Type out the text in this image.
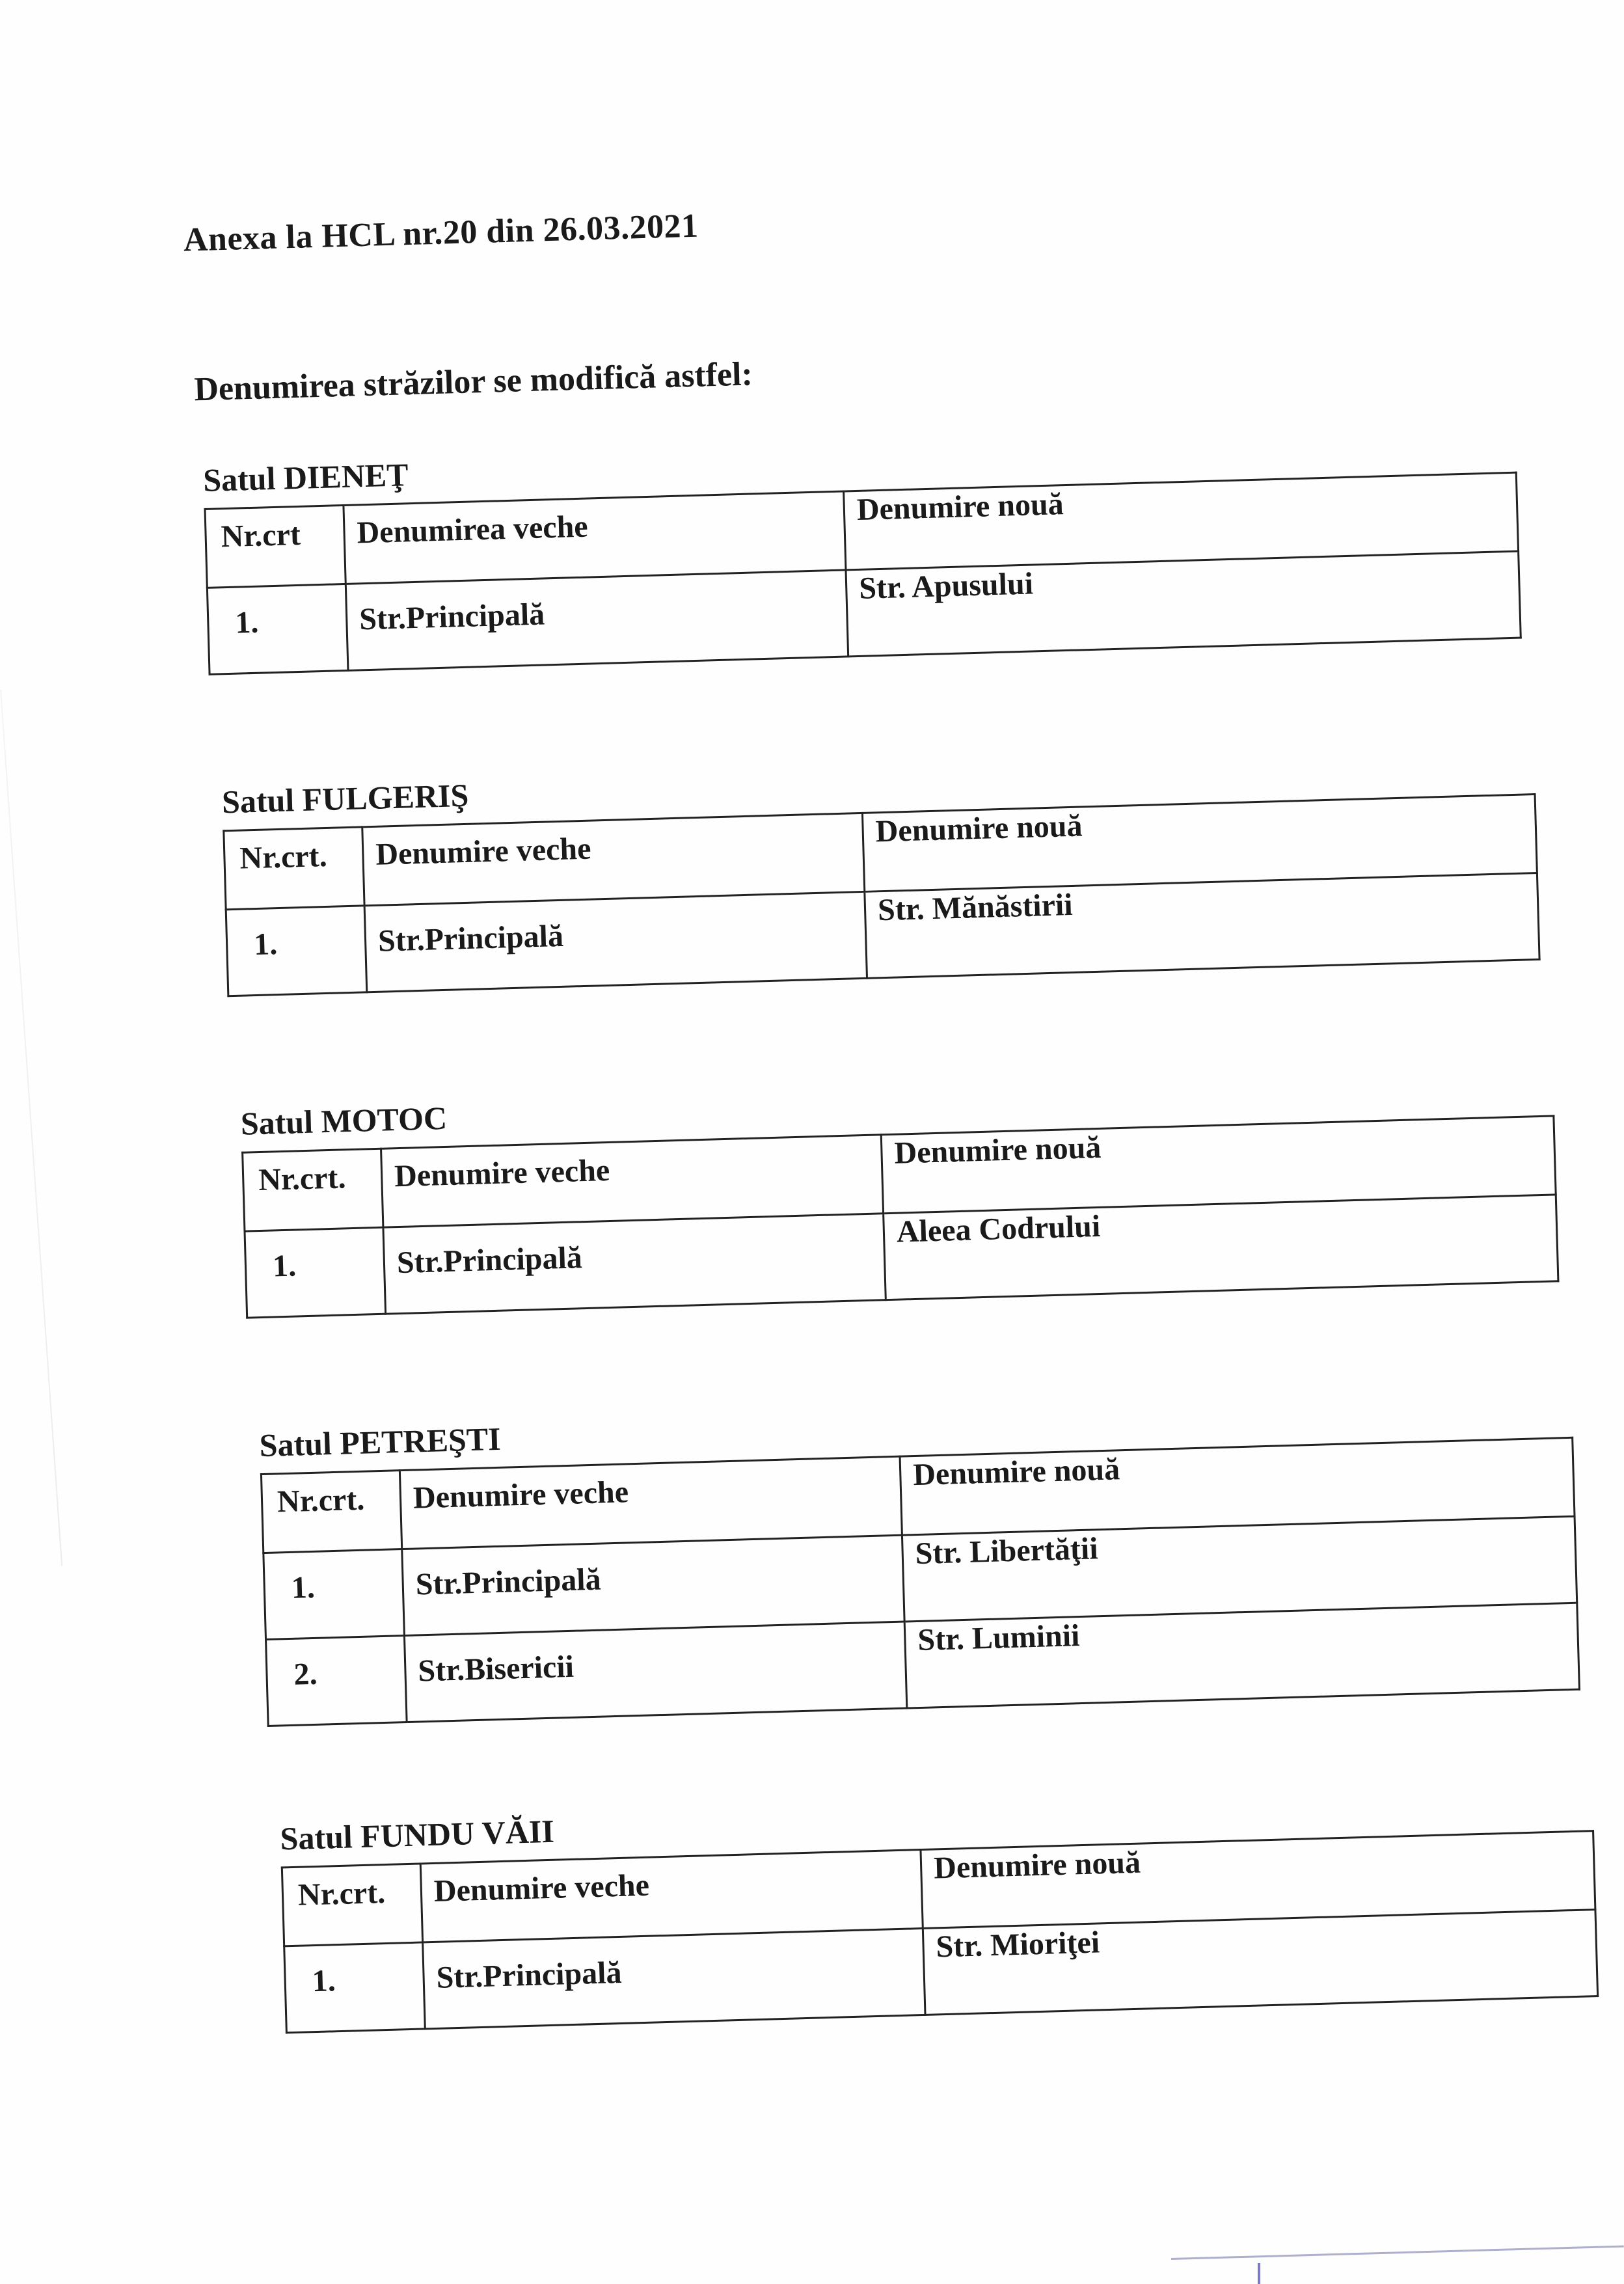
Anexa la HCL nr.20 din 26.03.2021
Denumirea străzilor se modifică astfel:
Satul DIENEŢ
Nr.crt	Denumirea veche	Denumire nouă
1.	Str.Principală	Str. Apusului
Satul FULGERIŞ
Nr.crt.	Denumire veche	Denumire nouă
1.	Str.Principală	Str. Mănăstirii
Satul MOTOC
Nr.crt.	Denumire veche	Denumire nouă
1.	Str.Principală	Aleea Codrului
Satul PETREŞTI
Nr.crt.	Denumire veche	Denumire nouă
1.	Str.Principală	Str. Libertăţii
2.	Str.Bisericii	Str. Luminii
Satul FUNDU VĂII
Nr.crt.	Denumire veche	Denumire nouă
1.	Str.Principală	Str. Mioriţei
